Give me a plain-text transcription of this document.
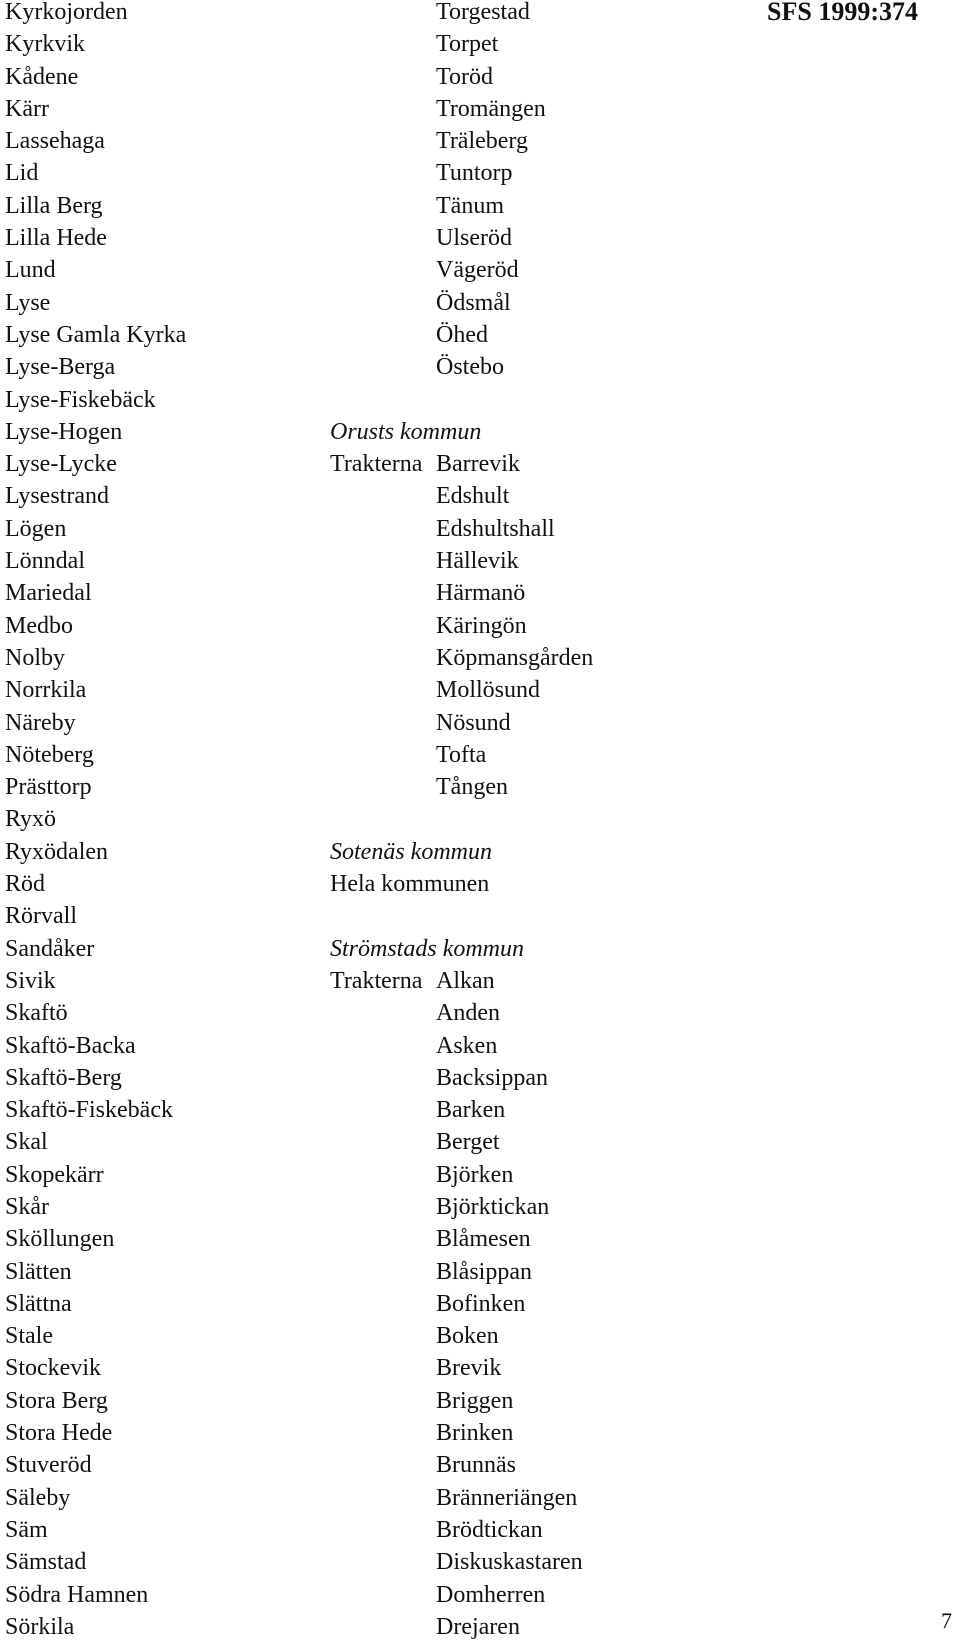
Kyrkojorden
Kyrkvik
Kådene
Kärr
Lassehaga
Lid
Lilla Berg
Lilla Hede
Lund
Lyse
Lyse Gamla Kyrka
Lyse-Berga
Lyse-Fiskebäck
Lyse-Hogen
Lyse-Lycke
Lysestrand
Lögen
Lönndal
Mariedal
Medbo
Nolby
Norrkila
Näreby
Nöteberg
Prästtorp
Ryxö
Ryxödalen
Röd
Rörvall
Sandåker
Sivik
Skaftö
Skaftö-Backa
Skaftö-Berg
Skaftö-Fiskebäck
Skal
Skopekärr
Skår
Sköllungen
Slätten
Slättna
Stale
Stockevik
Stora Berg
Stora Hede
Stuveröd
Säleby
Säm
Sämstad
Södra Hamnen
Sörkila
Torgestad
Torpet
Toröd
Tromängen
Träleberg
Tuntorp
Tänum
Ulseröd
Vägeröd
Ödsmål
Öhed
Östebo
Orusts kommun
Trakterna Barrevik
Edshult
Edshultshall
Hällevik
Härmanö
Käringön
Köpmansgården
Mollösund
Nösund
Tofta
Tången
Sotenäs kommun
Hela kommunen
Strömstads kommun
Trakterna Alkan
Anden
Asken
Backsippan
Barken
Berget
Björken
Björktickan
Blåmesen
Blåsippan
Bofinken
Boken
Brevik
Briggen
Brinken
Brunnäs
Bränneriängen
Brödtickan
Diskuskastaren
Domherren
Drejaren
SFS 1999:374
7
